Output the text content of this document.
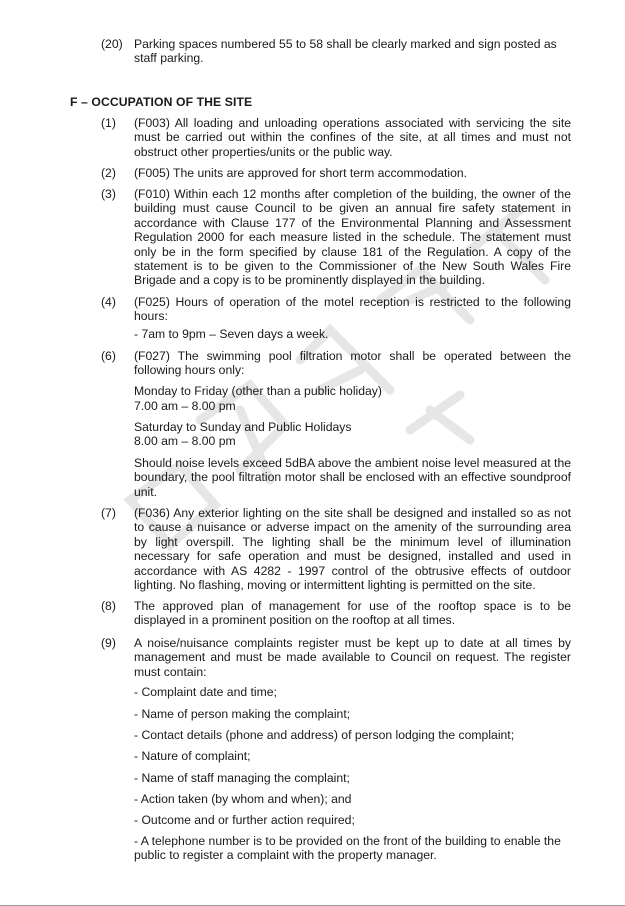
(20) Parking spaces numbered 55 to 58 shall be clearly marked and sign posted as staff parking.
F – OCCUPATION OF THE SITE
(1) (F003) All loading and unloading operations associated with servicing the site must be carried out within the confines of the site, at all times and must not obstruct other properties/units or the public way.
(2) (F005) The units are approved for short term accommodation.
(3) (F010) Within each 12 months after completion of the building, the owner of the building must cause Council to be given an annual fire safety statement in accordance with Clause 177 of the Environmental Planning and Assessment Regulation 2000 for each measure listed in the schedule. The statement must only be in the form specified by clause 181 of the Regulation. A copy of the statement is to be given to the Commissioner of the New South Wales Fire Brigade and a copy is to be prominently displayed in the building.
(4) (F025) Hours of operation of the motel reception is restricted to the following hours:
- 7am to 9pm – Seven days a week.
(6) (F027) The swimming pool filtration motor shall be operated between the following hours only:
Monday to Friday (other than a public holiday)
7.00 am – 8.00 pm
Saturday to Sunday and Public Holidays
8.00 am – 8.00 pm
Should noise levels exceed 5dBA above the ambient noise level measured at the boundary, the pool filtration motor shall be enclosed with an effective soundproof unit.
(7) (F036) Any exterior lighting on the site shall be designed and installed so as not to cause a nuisance or adverse impact on the amenity of the surrounding area by light overspill. The lighting shall be the minimum level of illumination necessary for safe operation and must be designed, installed and used in accordance with AS 4282 - 1997 control of the obtrusive effects of outdoor lighting. No flashing, moving or intermittent lighting is permitted on the site.
(8) The approved plan of management for use of the rooftop space is to be displayed in a prominent position on the rooftop at all times.
(9) A noise/nuisance complaints register must be kept up to date at all times by management and must be made available to Council on request. The register must contain:
- Complaint date and time;
- Name of person making the complaint;
- Contact details (phone and address) of person lodging the complaint;
- Nature of complaint;
- Name of staff managing the complaint;
- Action taken (by whom and when); and
- Outcome and or further action required;
- A telephone number is to be provided on the front of the building to enable the public to register a complaint with the property manager.
